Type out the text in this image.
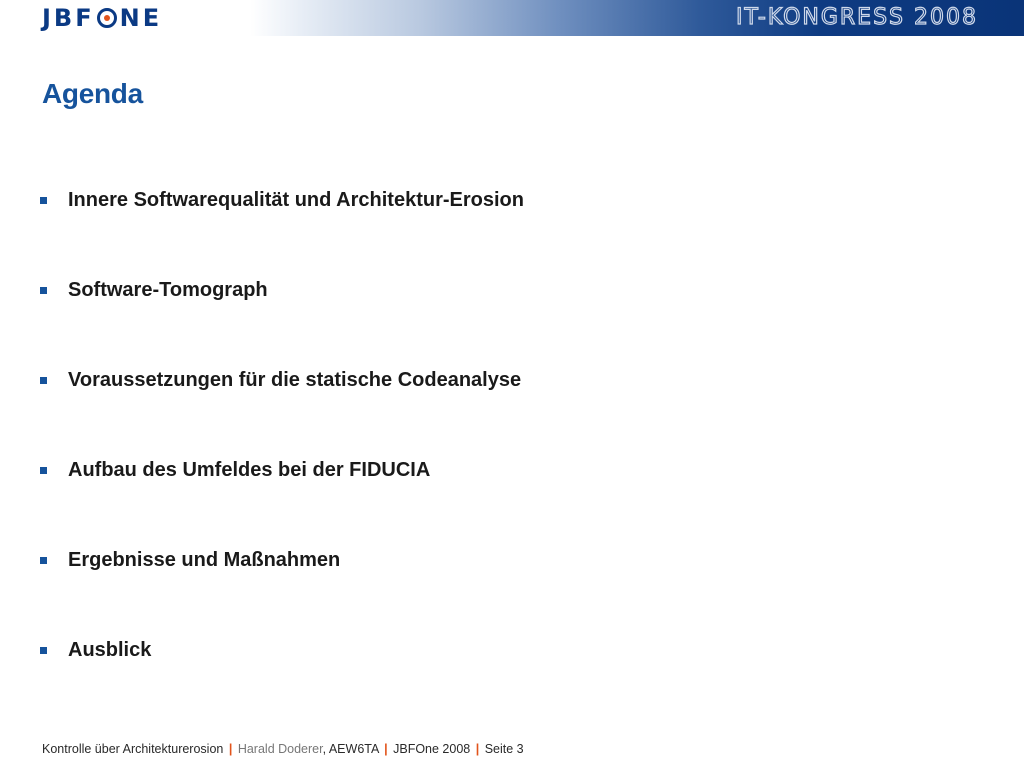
JBF NE	IT-KONGRESS 2008
Agenda
Innere Softwarequalität und Architektur-Erosion
Software-Tomograph
Voraussetzungen für die statische Codeanalyse
Aufbau des Umfeldes bei der FIDUCIA
Ergebnisse und Maßnahmen
Ausblick
Kontrolle über Architekturerosion | Harald Doderer, AEW6TA | JBFOne 2008 | Seite 3
